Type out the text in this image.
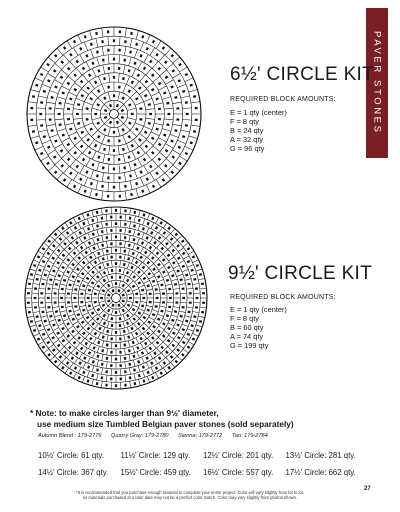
PAVER STONES
6½' CIRCLE KIT
REQUIRED BLOCK AMOUNTS:
E = 1 qty (center)
F = 8 qty
B = 24 qty
A = 32 qty
G = 96 qty
9½' CIRCLE KIT
REQUIRED BLOCK AMOUNTS:
E = 1 qty (center)
F = 8 qty
B = 60 qty
A = 74 qty
G = 199 qty
* Note: to make circles larger than 9½' diameter,
use medium size Tumbled Belgian paver stones (sold separately)
Autumn Blend : 179-2776 Quarry Gray: 179-2780 Sienna: 179-2772 Tan: 179-2784
10½' Circle: 61 qty.	11½' Circle: 129 qty.	12½' Circle: 201 qty.	13½' Circle: 281 qty.
14½' Circle: 367 qty.	15½' Circle: 459 qty.	16½' Circle: 557 qty.	17½' Circle: 662 qty.
*It is recommended that you purchase enough material to complete your entire project. Color will vary slightly from lot to lot,
so materials purchased at a later date may not be a perfect color match. Color may vary slightly from photos shown.
27
